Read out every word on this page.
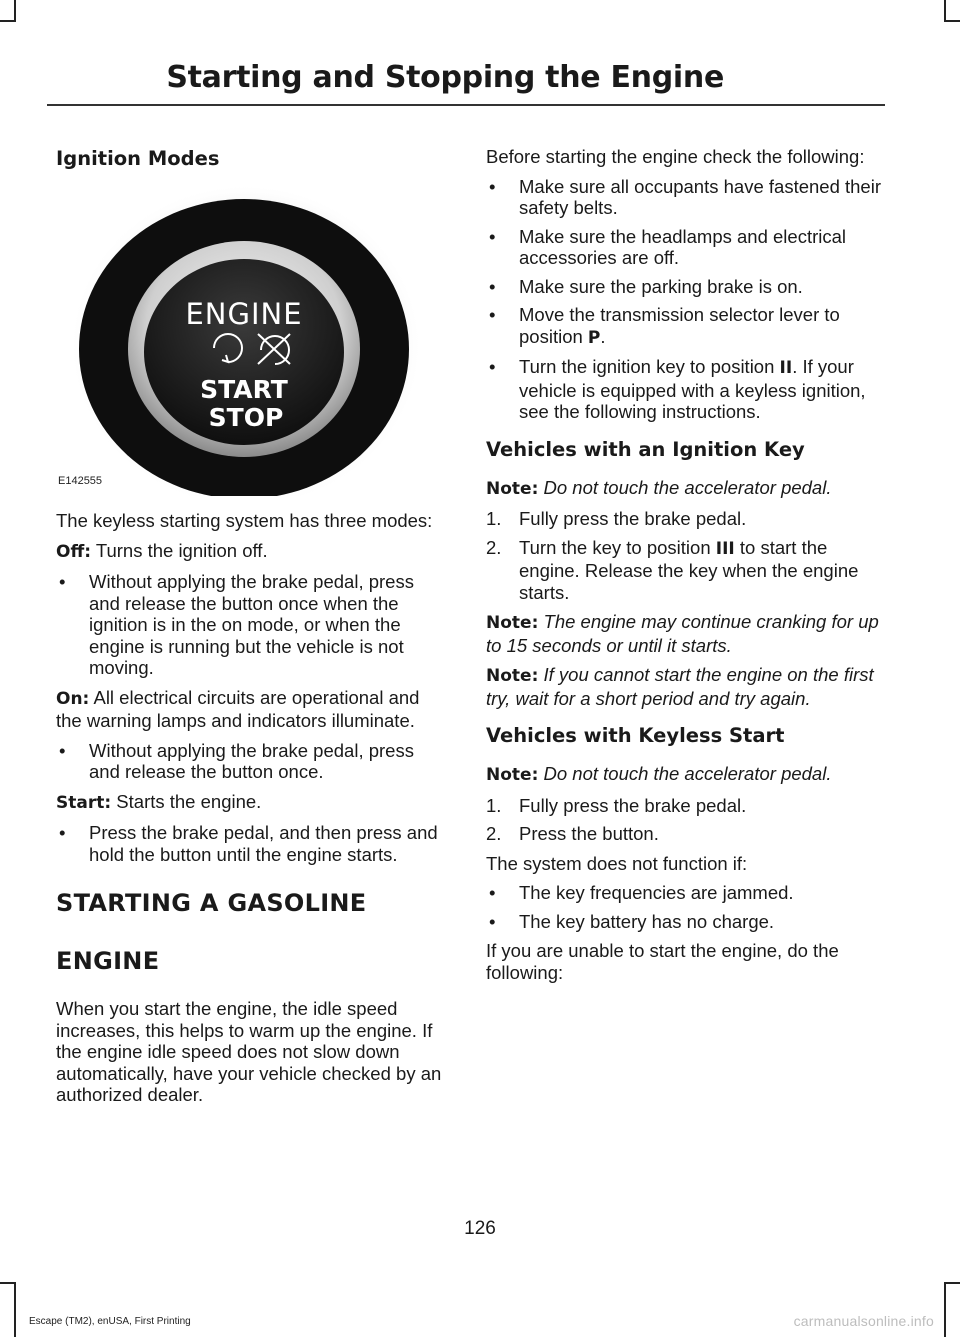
Starting and Stopping the Engine
Ignition Modes
ENGINE
START
STOP
E142555

The keyless starting system has three modes:

Off: Turns the ignition off.

• Without applying the brake pedal, press and release the button once when the ignition is in the on mode, or when the engine is running but the vehicle is not moving.

On: All electrical circuits are operational and the warning lamps and indicators illuminate.

• Without applying the brake pedal, press and release the button once.

Start: Starts the engine.

• Press the brake pedal, and then press and hold the button until the engine starts.
STARTING A GASOLINE

ENGINE

When you start the engine, the idle speed increases, this helps to warm up the engine. If the engine idle speed does not slow down automatically, have your vehicle checked by an authorized dealer.

Before starting the engine check the following:

• Make sure all occupants have fastened their safety belts.
• Make sure the headlamps and electrical accessories are off.
• Make sure the parking brake is on.
• Move the transmission selector lever to position P.
• Turn the ignition key to position II. If your vehicle is equipped with a keyless ignition, see the following instructions.
Vehicles with an Ignition Key

Note: Do not touch the accelerator pedal.

1. Fully press the brake pedal.
2. Turn the key to position III to start the engine. Release the key when the engine starts.

Note: The engine may continue cranking for up to 15 seconds or until it starts.

Note: If you cannot start the engine on the first try, wait for a short period and try again.

Vehicles with Keyless Start

Note: Do not touch the accelerator pedal.

1. Fully press the brake pedal.
2. Press the button.

The system does not function if:

• The key frequencies are jammed.
• The key battery has no charge.

If you are unable to start the engine, do the following:

126
Escape (TM2), enUSA, First Printing	carmanualsonline.info
